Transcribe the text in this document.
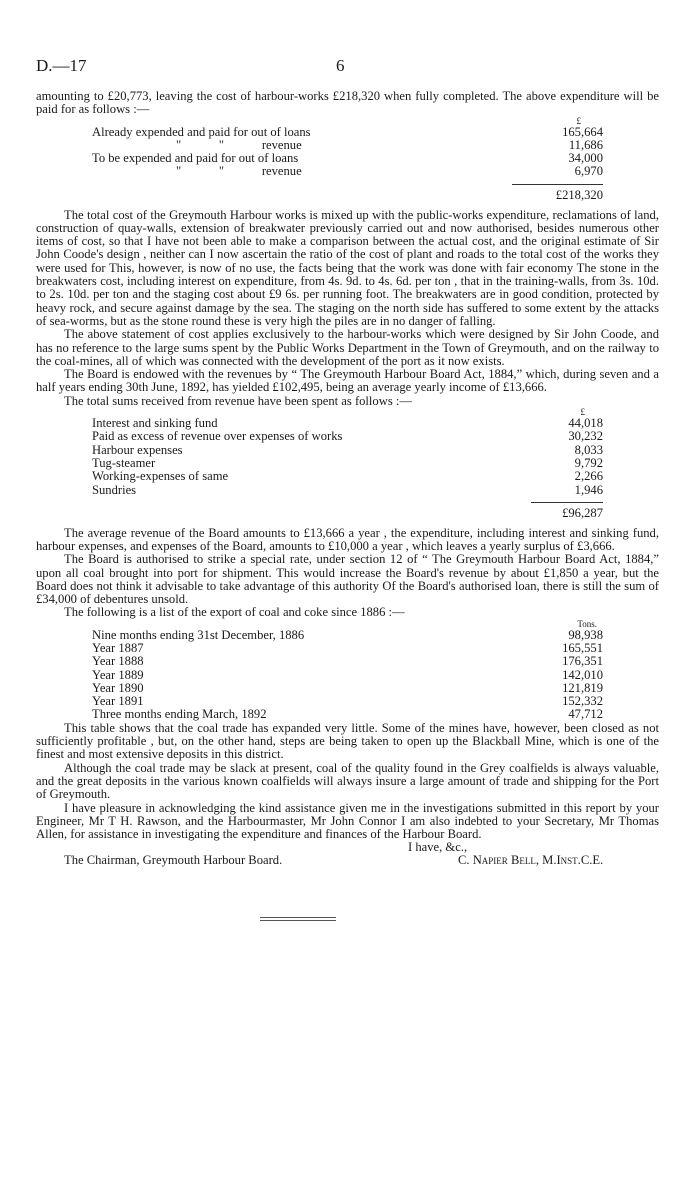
D.—17	6

amounting to £20,773, leaving the cost of harbour-works £218,320 when fully completed. The above expenditure will be paid for as follows :—

	£
Already expended and paid for out of loans	165,664
"            "            revenue	11,686
To be expended and paid for out of loans	34,000
"            "            revenue	6,970

	£218,320

The total cost of the Greymouth Harbour works is mixed up with the public-works expenditure, reclamations of land, construction of quay-walls, extension of breakwater previously carried out and now authorised, besides numerous other items of cost, so that I have not been able to make a comparison between the actual cost, and the original estimate of Sir John Coode's design , neither can I now ascertain the ratio of the cost of plant and roads to the total cost of the works they were used for This, however, is now of no use, the facts being that the work was done with fair economy The stone in the breakwaters cost, including interest on expenditure, from 4s. 9d. to 4s. 6d. per ton , that in the training-walls, from 3s. 10d. to 2s. 10d. per ton and the staging cost about £9 6s. per running foot. The breakwaters are in good condition, protected by heavy rock, and secure against damage by the sea. The staging on the north side has suffered to some extent by the attacks of sea-worms, but as the stone round these is very high the piles are in no danger of falling.

The above statement of cost applies exclusively to the harbour-works which were designed by Sir John Coode, and has no reference to the large sums spent by the Public Works Department in the Town of Greymouth, and on the railway to the coal-mines, all of which was connected with the development of the port as it now exists.

The Board is endowed with the revenues by “ The Greymouth Harbour Board Act, 1884,” which, during seven and a half years ending 30th June, 1892, has yielded £102,495, being an average yearly income of £13,666.

The total sums received from revenue have been spent as follows :—

	£
Interest and sinking fund	44,018
Paid as excess of revenue over expenses of works	30,232
Harbour expenses	8,033
Tug-steamer	9,792
Working-expenses of same	2,266
Sundries	1,946

	£96,287

The average revenue of the Board amounts to £13,666 a year , the expenditure, including interest and sinking fund, harbour expenses, and expenses of the Board, amounts to £10,000 a year , which leaves a yearly surplus of £3,666.

The Board is authorised to strike a special rate, under section 12 of “ The Greymouth Harbour Board Act, 1884,” upon all coal brought into port for shipment. This would increase the Board's revenue by about £1,850 a year, but the Board does not think it advisable to take advantage of this authority Of the Board's authorised loan, there is still the sum of £34,000 of debentures unsold.

The following is a list of the export of coal and coke since 1886 :—

	Tons.
Nine months ending 31st December, 1886	98,938
Year 1887	165,551
Year 1888	176,351
Year 1889	142,010
Year 1890	121,819
Year 1891	152,332
Three months ending March, 1892	47,712

This table shows that the coal trade has expanded very little. Some of the mines have, however, been closed as not sufficiently profitable , but, on the other hand, steps are being taken to open up the Blackball Mine, which is one of the finest and most extensive deposits in this district.

Although the coal trade may be slack at present, coal of the quality found in the Grey coalfields is always valuable, and the great deposits in the various known coalfields will always insure a large amount of trade and shipping for the Port of Greymouth.

I have pleasure in acknowledging the kind assistance given me in the investigations submitted in this report by your Engineer, Mr T H. Rawson, and the Harbourmaster, Mr John Connor I am also indebted to your Secretary, Mr Thomas Allen, for assistance in investigating the expenditure and finances of the Harbour Board.

I have, &c.,
The Chairman, Greymouth Harbour Board.	C. Napier Bell, M.Inst.C.E.
